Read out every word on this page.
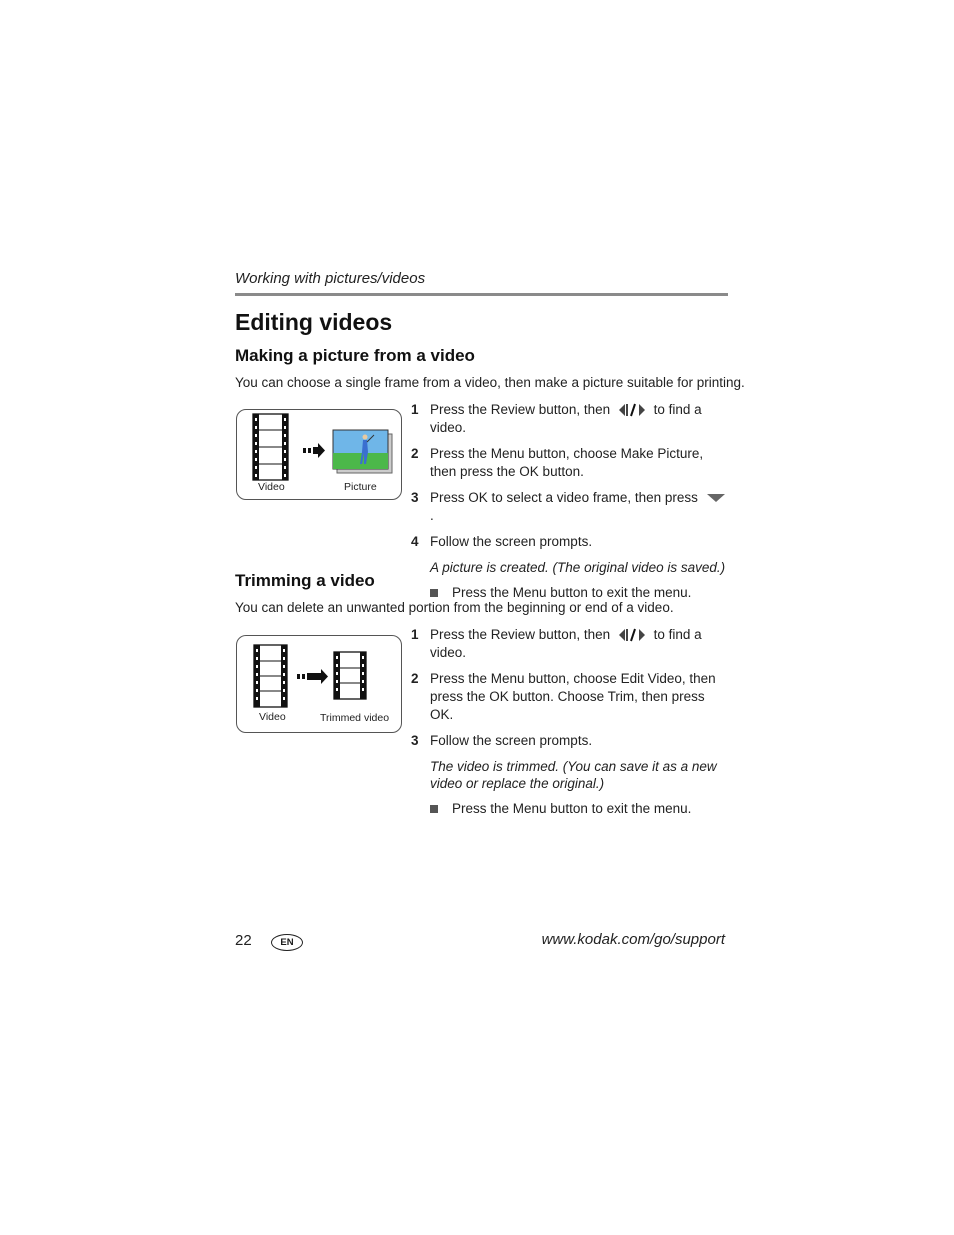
Working with pictures/videos
Editing videos
Making a picture from a video
You can choose a single frame from a video, then make a picture suitable for printing.
Video	Picture
1 Press the Review button, then	to find a video.
2 Press the Menu button, choose Make Picture, then press the OK button.
3 Press OK to select a video frame, then press  .
4 Follow the screen prompts.
A picture is created. (The original video is saved.)
Press the Menu button to exit the menu.
Trimming a video
You can delete an unwanted portion from the beginning or end of a video.
Video	Trimmed video
1 Press the Review button, then	to find a video.
2 Press the Menu button, choose Edit Video, then press the OK button. Choose Trim, then press OK.
3 Follow the screen prompts.
The video is trimmed. (You can save it as a new video or replace the original.)
Press the Menu button to exit the menu.
22	EN	www.kodak.com/go/support
